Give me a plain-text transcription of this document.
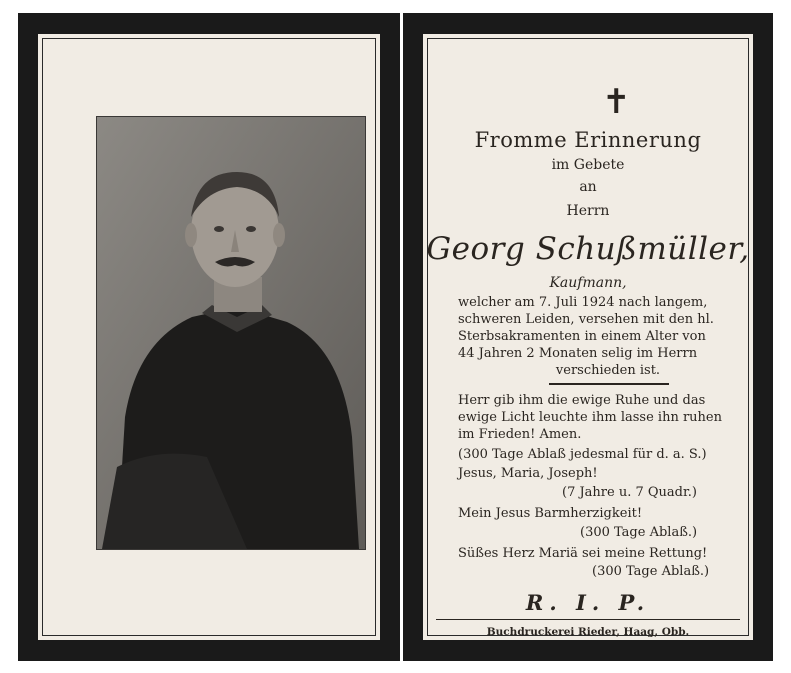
✝
Fromme Erinnerung
im Gebete
an
Herrn
Georg Schußmüller,
Kaufmann,
welcher am 7. Juli 1924 nach langem,
schweren Leiden, versehen mit den hl.
Sterbsakramenten in einem Alter von
44 Jahren 2 Monaten selig im Herrn
verschieden ist.
Herr gib ihm die ewige Ruhe und das
ewige Licht leuchte ihm lasse ihn ruhen
im Frieden! Amen.
(300 Tage Ablaß jedesmal für d. a. S.)
Jesus, Maria, Joseph!
(7 Jahre u. 7 Quadr.)
Mein Jesus Barmherzigkeit!
(300 Tage Ablaß.)
Süßes Herz Mariä sei meine Rettung!
(300 Tage Ablaß.)
R. I. P.
Buchdruckerei Rieder, Haag, Obb.
